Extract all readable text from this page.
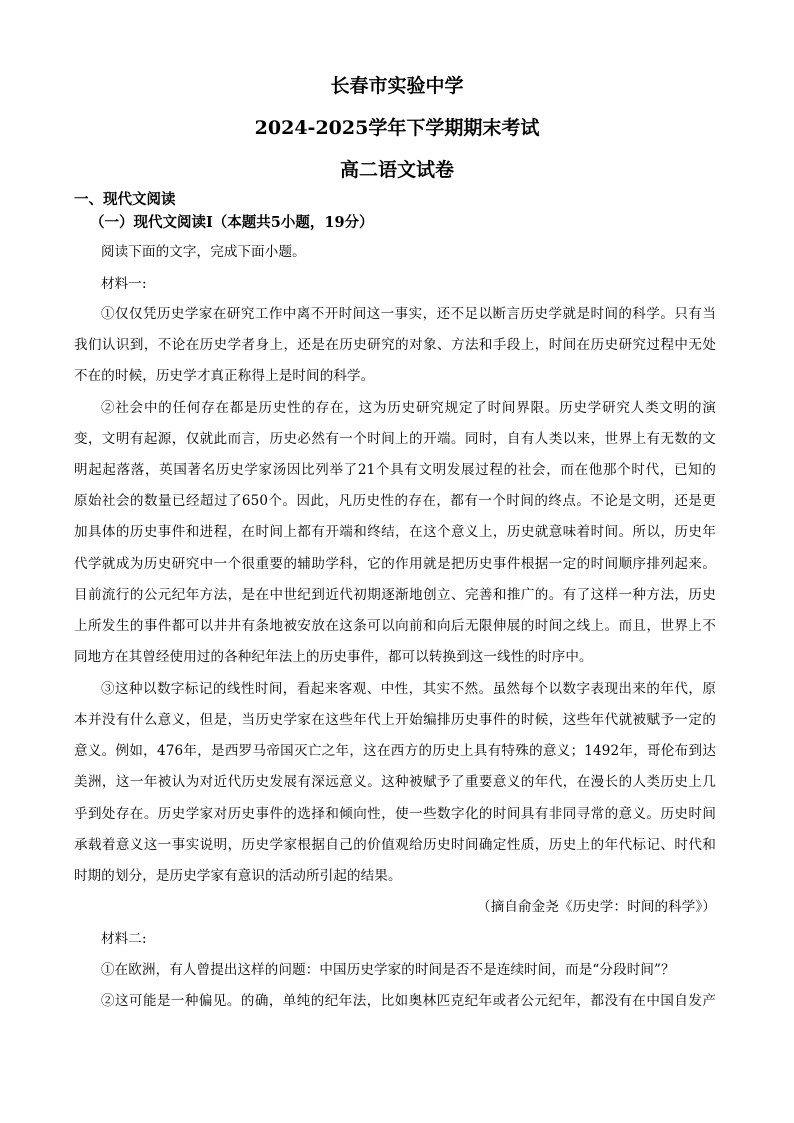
长春市实验中学
2024-2025学年下学期期末考试
高二语文试卷
一、现代文阅读
（一）现代文阅读Ⅰ（本题共5小题，19分）
阅读下面的文字，完成下面小题。
材料一:
①仅仅凭历史学家在研究工作中离不开时间这一事实，还不足以断言历史学就是时间的科学。只有当
我们认识到，不论在历史学者身上，还是在历史研究的对象、方法和手段上，时间在历史研究过程中无处
不在的时候，历史学才真正称得上是时间的科学。
②社会中的任何存在都是历史性的存在，这为历史研究规定了时间界限。历史学研究人类文明的演
变，文明有起源，仅就此而言，历史必然有一个时间上的开端。同时，自有人类以来，世界上有无数的文
明起起落落，英国著名历史学家汤因比列举了21个具有文明发展过程的社会，而在他那个时代，已知的
原始社会的数量已经超过了650个。因此，凡历史性的存在，都有一个时间的终点。不论是文明，还是更
加具体的历史事件和进程，在时间上都有开端和终结，在这个意义上，历史就意味着时间。所以，历史年
代学就成为历史研究中一个很重要的辅助学科，它的作用就是把历史事件根据一定的时间顺序排列起来。
目前流行的公元纪年方法，是在中世纪到近代初期逐渐地创立、完善和推广的。有了这样一种方法，历史
上所发生的事件都可以井井有条地被安放在这条可以向前和向后无限伸展的时间之线上。而且，世界上不
同地方在其曾经使用过的各种纪年法上的历史事件，都可以转换到这一线性的时序中。
③这种以数字标记的线性时间，看起来客观、中性，其实不然。虽然每个以数字表现出来的年代，原
本并没有什么意义，但是，当历史学家在这些年代上开始编排历史事件的时候，这些年代就被赋予一定的
意义。例如，476年，是西罗马帝国灭亡之年，这在西方的历史上具有特殊的意义；1492年，哥伦布到达
美洲，这一年被认为对近代历史发展有深远意义。这种被赋予了重要意义的年代，在漫长的人类历史上几
乎到处存在。历史学家对历史事件的选择和倾向性，使一些数字化的时间具有非同寻常的意义。历史时间
承载着意义这一事实说明，历史学家根据自己的价值观给历史时间确定性质，历史上的年代标记、时代和
时期的划分，是历史学家有意识的活动所引起的结果。
（摘自俞金尧《历史学：时间的科学》）
材料二:
①在欧洲，有人曾提出这样的问题：中国历史学家的时间是否不是连续时间，而是“分段时间”？
②这可能是一种偏见。的确，单纯的纪年法，比如奥林匹克纪年或者公元纪年，都没有在中国自发产
